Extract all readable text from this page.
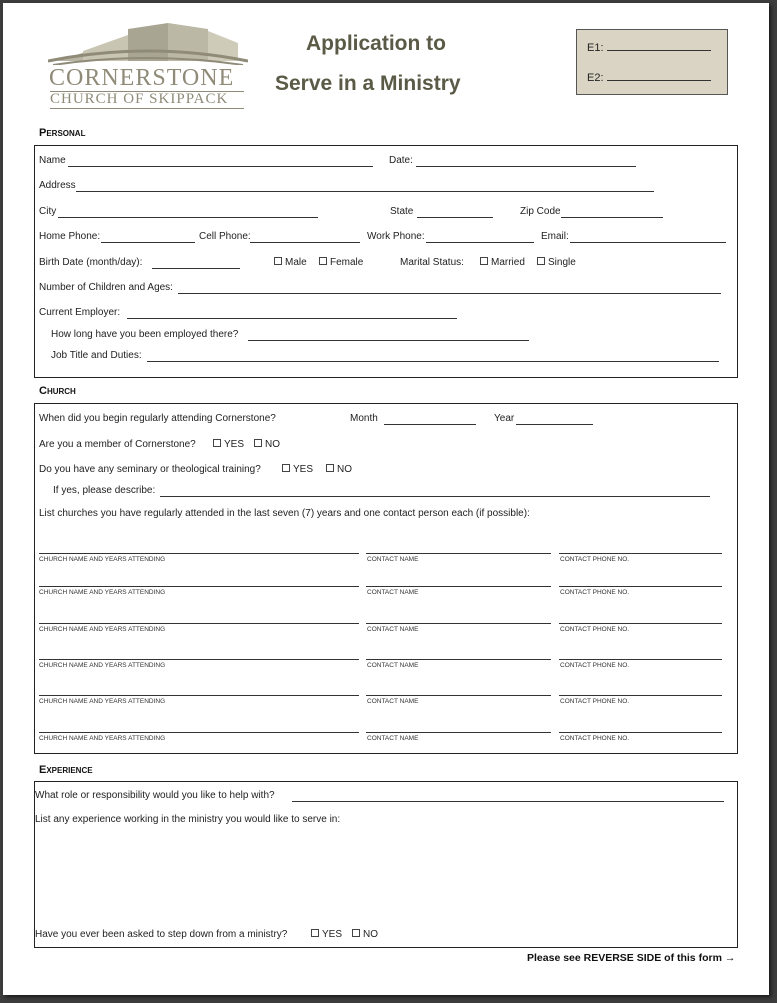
CORNERSTONE
CHURCH OF SKIPPACK
Application to
Serve in a Ministry
E1:
E2:
Personal
Name	Date:
Address
City	State	Zip Code
Home Phone:	Cell Phone:	Work Phone:	Email:
Birth Date (month/day):	Male	Female	Marital Status:	Married	Single
Number of Children and Ages:
Current Employer:
How long have you been employed there?
Job Title and Duties:
Church
When did you begin regularly attending Cornerstone?	Month	Year
Are you a member of Cornerstone?	YES	NO
Do you have any seminary or theological training?	YES	NO
If yes, please describe:
List churches you have regularly attended in the last seven (7) years and one contact person each (if possible):
CHURCH NAME AND YEARS ATTENDING	CONTACT NAME	CONTACT PHONE NO.
CHURCH NAME AND YEARS ATTENDING	CONTACT NAME	CONTACT PHONE NO.
CHURCH NAME AND YEARS ATTENDING	CONTACT NAME	CONTACT PHONE NO.
CHURCH NAME AND YEARS ATTENDING	CONTACT NAME	CONTACT PHONE NO.
CHURCH NAME AND YEARS ATTENDING	CONTACT NAME	CONTACT PHONE NO.
CHURCH NAME AND YEARS ATTENDING	CONTACT NAME	CONTACT PHONE NO.
Experience
What role or responsibility would you like to help with?
List any experience working in the ministry you would like to serve in:
Have you ever been asked to step down from a ministry?	YES	NO
Please see REVERSE SIDE of this form →
